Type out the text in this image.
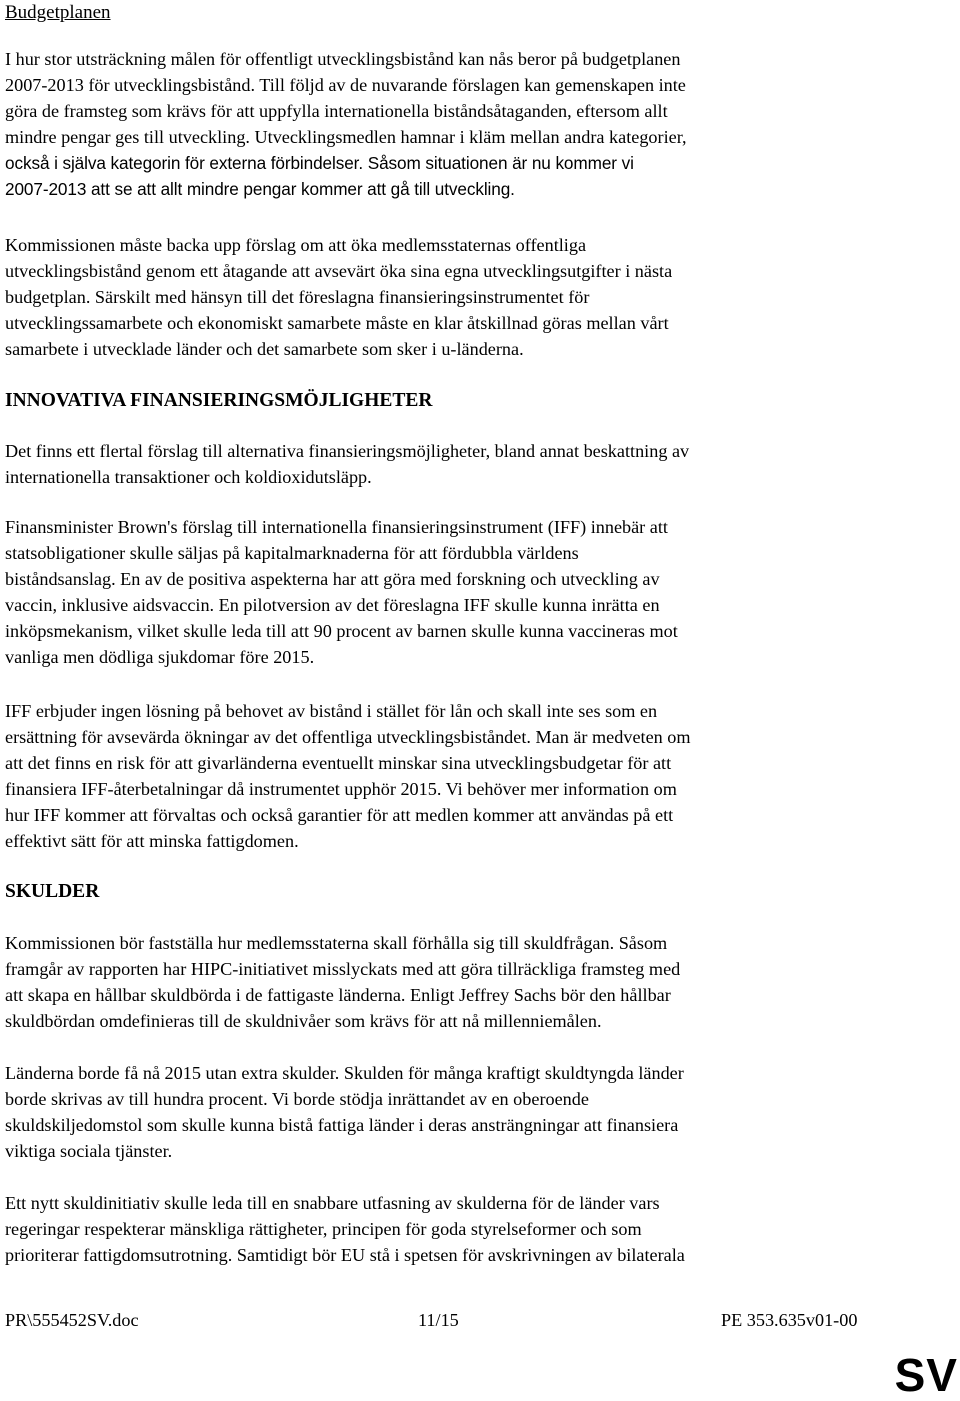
Budgetplanen
I hur stor utsträckning målen för offentligt utvecklingsbistånd kan nås beror på budgetplanen
2007-2013 för utvecklingsbistånd. Till följd av de nuvarande förslagen kan gemenskapen inte
göra de framsteg som krävs för att uppfylla internationella biståndsåtaganden, eftersom allt
mindre pengar ges till utveckling. Utvecklingsmedlen hamnar i kläm mellan andra kategorier,
också i själva kategorin för externa förbindelser. Såsom situationen är nu kommer vi
2007-2013 att se att allt mindre pengar kommer att gå till utveckling.
Kommissionen måste backa upp förslag om att öka medlemsstaternas offentliga
utvecklingsbistånd genom ett åtagande att avsevärt öka sina egna utvecklingsutgifter i nästa
budgetplan. Särskilt med hänsyn till det föreslagna finansieringsinstrumentet för
utvecklingssamarbete och ekonomiskt samarbete måste en klar åtskillnad göras mellan vårt
samarbete i utvecklade länder och det samarbete som sker i u-länderna.
INNOVATIVA FINANSIERINGSMÖJLIGHETER
Det finns ett flertal förslag till alternativa finansieringsmöjligheter, bland annat beskattning av
internationella transaktioner och koldioxidutsläpp.
Finansminister Brown's förslag till internationella finansieringsinstrument (IFF) innebär att
statsobligationer skulle säljas på kapitalmarknaderna för att fördubbla världens
biståndsanslag. En av de positiva aspekterna har att göra med forskning och utveckling av
vaccin, inklusive aidsvaccin. En pilotversion av det föreslagna IFF skulle kunna inrätta en
inköpsmekanism, vilket skulle leda till att 90 procent av barnen skulle kunna vaccineras mot
vanliga men dödliga sjukdomar före 2015.
IFF erbjuder ingen lösning på behovet av bistånd i stället för lån och skall inte ses som en
ersättning för avsevärda ökningar av det offentliga utvecklingsbiståndet. Man är medveten om
att det finns en risk för att givarländerna eventuellt minskar sina utvecklingsbudgetar för att
finansiera IFF-återbetalningar då instrumentet upphör 2015. Vi behöver mer information om
hur IFF kommer att förvaltas och också garantier för att medlen kommer att användas på ett
effektivt sätt för att minska fattigdomen.
SKULDER
Kommissionen bör fastställa hur medlemsstaterna skall förhålla sig till skuldfrågan. Såsom
framgår av rapporten har HIPC-initiativet misslyckats med att göra tillräckliga framsteg med
att skapa en hållbar skuldbörda i de fattigaste länderna. Enligt Jeffrey Sachs bör den hållbar
skuldbördan omdefinieras till de skuldnivåer som krävs för att nå millenniemålen.
Länderna borde få nå 2015 utan extra skulder. Skulden för många kraftigt skuldtyngda länder
borde skrivas av till hundra procent. Vi borde stödja inrättandet av en oberoende
skuldskiljedomstol som skulle kunna bistå fattiga länder i deras ansträngningar att finansiera
viktiga sociala tjänster.
Ett nytt skuldinitiativ skulle leda till en snabbare utfasning av skulderna för de länder vars
regeringar respekterar mänskliga rättigheter, principen för goda styrelseformer och som
prioriterar fattigdomsutrotning. Samtidigt bör EU stå i spetsen för avskrivningen av bilaterala
PR\555452SV.doc	11/15	PE 353.635v01-00
SV
